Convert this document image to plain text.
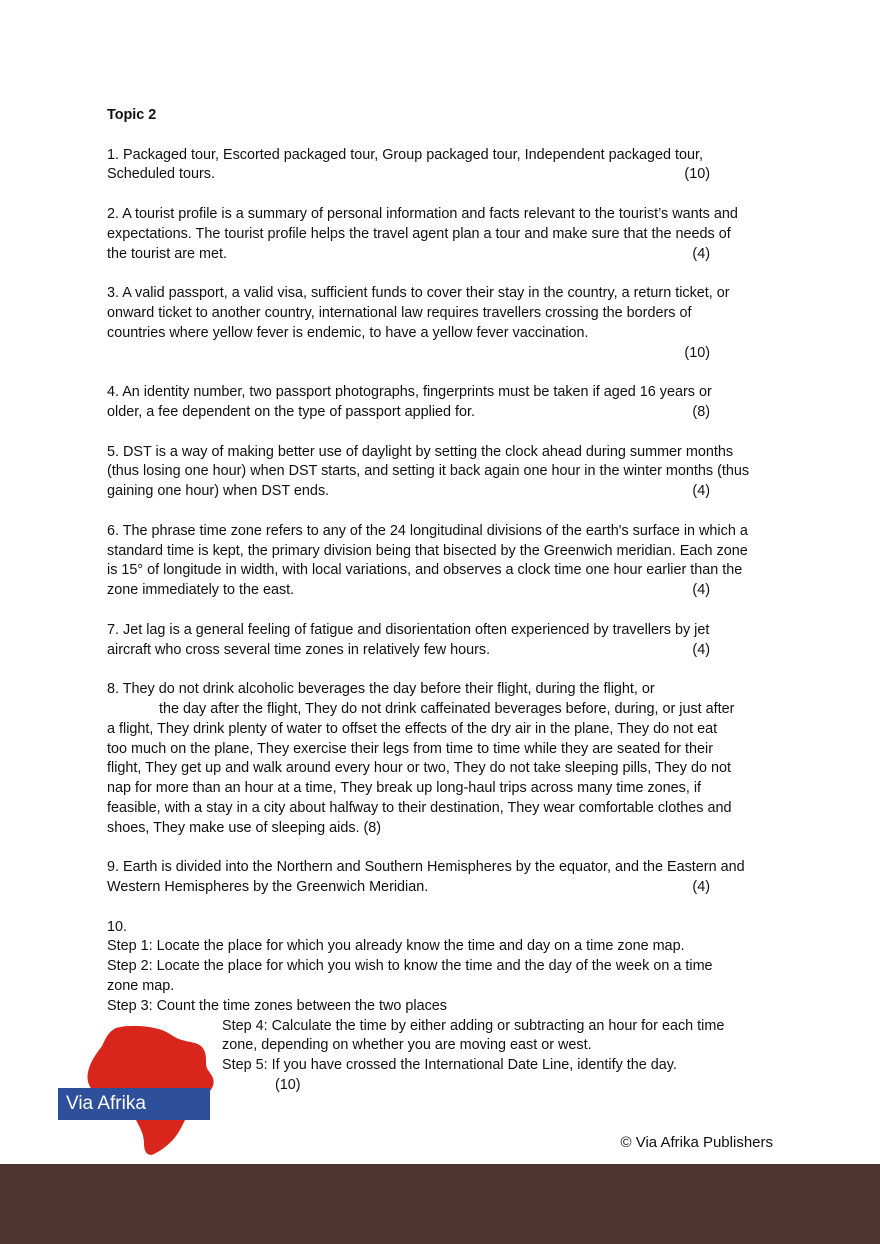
Topic 2

1. Packaged tour, Escorted packaged tour, Group packaged tour, Independent packaged tour,

Scheduled tours.	(10)

2. A tourist profile is a summary of personal information and facts relevant to the tourist’s wants and

expectations. The tourist profile helps the travel agent plan a tour and make sure that the needs of

the tourist are met.	(4)

3. A valid passport, a valid visa, sufficient funds to cover their stay in the country, a return ticket, or

onward ticket to another country, international law requires travellers crossing the borders of

countries where yellow fever is endemic, to have a yellow fever vaccination.

(10)

4. An identity number, two passport photographs, fingerprints must be taken if aged 16 years or

older, a fee dependent on the type of passport applied for.	(8)

5. DST is a way of making better use of daylight by setting the clock ahead during summer months

(thus losing one hour) when DST starts, and setting it back again one hour in the winter months (thus

gaining one hour) when DST ends.	(4)

6. The phrase time zone refers to any of the 24 longitudinal divisions of the earth's surface in which a

standard time is kept, the primary division being that bisected by the Greenwich meridian. Each zone

is 15° of longitude in width, with local variations, and observes a clock time one hour earlier than the

zone immediately to the east.	(4)

7. Jet lag is a general feeling of fatigue and disorientation often experienced by travellers by jet

aircraft who cross several time zones in relatively few hours.	(4)

8. They do not drink alcoholic beverages the day before their flight, during the flight, or

the day after the flight, They do not drink caffeinated beverages before, during, or just after

a flight, They drink plenty of water to offset the effects of the dry air in the plane, They do not eat

too much on the plane, They exercise their legs from time to time while they are seated for their

flight, They get up and walk around every hour or two, They do not take sleeping pills, They do not

nap for more than an hour at a time, They break up long-haul trips across many time zones, if

feasible, with a stay in a city about halfway to their destination, They wear comfortable clothes and

shoes, They make use of sleeping aids. (8)

9. Earth is divided into the Northern and Southern Hemispheres by the equator, and the Eastern and

Western Hemispheres by the Greenwich Meridian.	(4)

10.

Step 1: Locate the place for which you already know the time and day on a time zone map.

Step 2: Locate the place for which you wish to know the time and the day of the week on a time

zone map.

Step 3: Count the time zones between the two places

Step 4: Calculate the time by either adding or subtracting an hour for each time

zone, depending on whether you are moving east or west.

Step 5: If you have crossed the International Date Line, identify the day.

(10)

Via Afrika
© Via Afrika Publishers
